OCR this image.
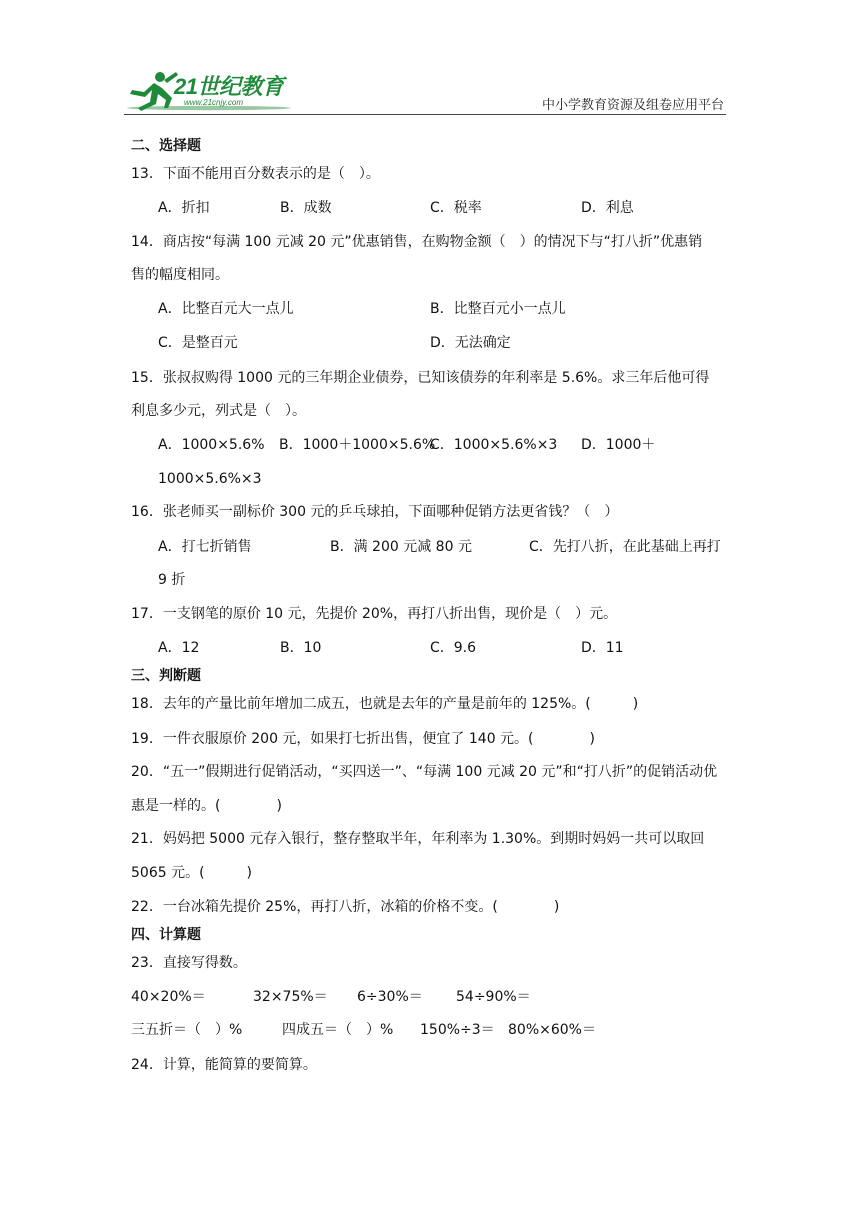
21世纪教育
www.21cnjy.com	中小学教育资源及组卷应用平台
二、选择题
13．下面不能用百分数表示的是（　）。
A．折扣	B．成数	C．税率	D．利息
14．商店按“每满 100 元减 20 元”优惠销售，在购物金额（　）的情况下与“打八折”优惠销
售的幅度相同。
A．比整百元大一点儿	B．比整百元小一点儿
C．是整百元	D．无法确定
15．张叔叔购得 1000 元的三年期企业债券，已知该债券的年利率是 5.6%。求三年后他可得
利息多少元，列式是（　）。
A．1000×5.6% B．1000＋1000×5.6%
C．1000×5.6%×3 D．1000＋
1000×5.6%×3
16．张老师买一副标价 300 元的乒乓球拍，下面哪种促销方法更省钱？（　）
A．打七折销售	B．满 200 元减 80 元	C．先打八折，在此基础上再打
9 折
17．一支钢笔的原价 10 元，先提价 20%，再打八折出售，现价是（　）元。
A．12	B．10	C．9.6	D．11
三、判断题
18．去年的产量比前年增加二成五，也就是去年的产量是前年的 125%。(　　　)
19．一件衣服原价 200 元，如果打七折出售，便宜了 140 元。(　　　　)
20．“五一”假期进行促销活动，“买四送一”、“每满 100 元减 20 元”和“打八折”的促销活动优
惠是一样的。(　　　　)
21．妈妈把 5000 元存入银行，整存整取半年，年利率为 1.30%。到期时妈妈一共可以取回
5065 元。(　　　)
22．一台冰箱先提价 25%，再打八折，冰箱的价格不变。(　　　　)
四、计算题
23．直接写得数。
40×20%＝	32×75%＝ 6÷30%＝ 54÷90%＝
三五折＝（　）%	四成五＝（　）% 150%÷3＝ 80%×60%＝
24．计算，能简算的要简算。
